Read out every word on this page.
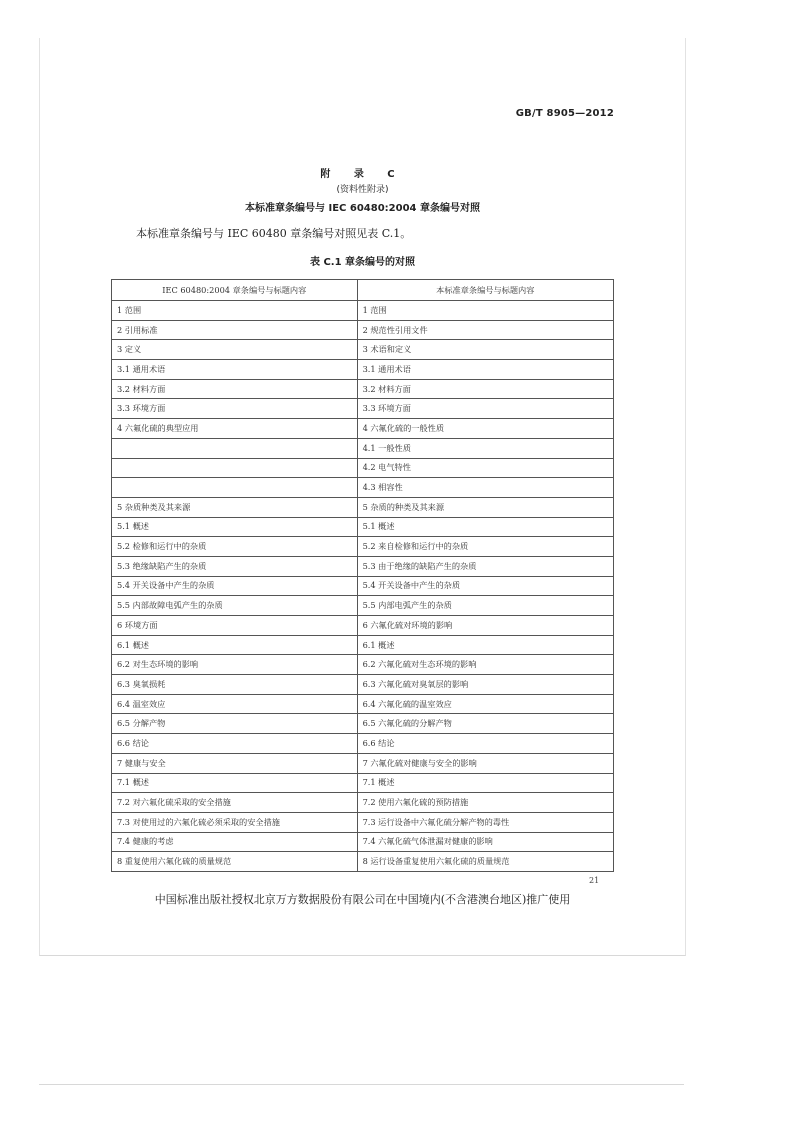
GB/T 8905—2012
附 录 C
(资料性附录)
本标准章条编号与 IEC 60480:2004 章条编号对照
本标准章条编号与 IEC 60480 章条编号对照见表 C.1。
表 C.1 章条编号的对照
IEC 60480:2004 章条编号与标题内容	本标准章条编号与标题内容
1 范围	1 范围
2 引用标准	2 规范性引用文件
3 定义	3 术语和定义
3.1 通用术语	3.1 通用术语
3.2 材料方面	3.2 材料方面
3.3 环境方面	3.3 环境方面
4 六氟化硫的典型应用	4 六氟化硫的一般性质
	4.1 一般性质
	4.2 电气特性
	4.3 相容性
5 杂质种类及其来源	5 杂质的种类及其来源
5.1 概述	5.1 概述
5.2 检修和运行中的杂质	5.2 来自检修和运行中的杂质
5.3 绝缘缺陷产生的杂质	5.3 由于绝缘的缺陷产生的杂质
5.4 开关设备中产生的杂质	5.4 开关设备中产生的杂质
5.5 内部故障电弧产生的杂质	5.5 内部电弧产生的杂质
6 环境方面	6 六氟化硫对环境的影响
6.1 概述	6.1 概述
6.2 对生态环境的影响	6.2 六氟化硫对生态环境的影响
6.3 臭氧损耗	6.3 六氟化硫对臭氧层的影响
6.4 温室效应	6.4 六氟化硫的温室效应
6.5 分解产物	6.5 六氟化硫的分解产物
6.6 结论	6.6 结论
7 健康与安全	7 六氟化硫对健康与安全的影响
7.1 概述	7.1 概述
7.2 对六氟化硫采取的安全措施	7.2 使用六氟化硫的预防措施
7.3 对使用过的六氟化硫必须采取的安全措施	7.3 运行设备中六氟化硫分解产物的毒性
7.4 健康的考虑	7.4 六氟化硫气体泄漏对健康的影响
8 重复使用六氟化硫的质量规范	8 运行设备重复使用六氟化硫的质量规范
21
中国标准出版社授权北京万方数据股份有限公司在中国境内(不含港澳台地区)推广使用
